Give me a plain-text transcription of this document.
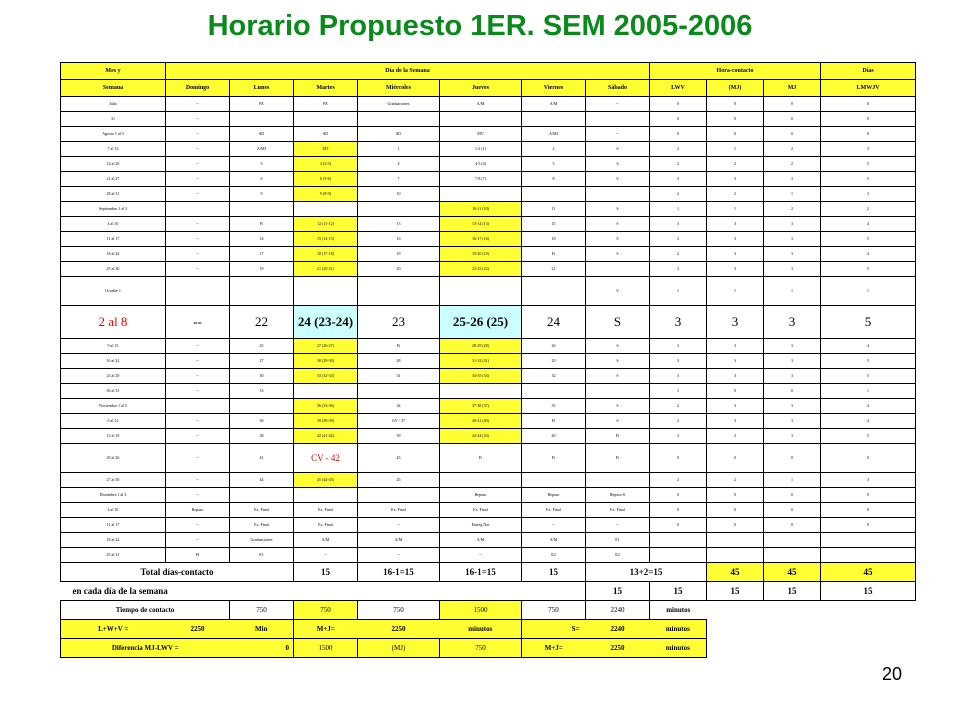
Horario Propuesto 1ER. SEM 2005-2006
Mes y	Día de la Semana							Hora-contacto			Días	
Semana	Domingo	Lunes	Martes	Miércoles	Jueves	Viernes	Sábado	LWV	(MJ)	MJ	LMWJV	
Julio	--	PE	PE	Graduaciones	A/M	A/M	--	0	0	0	0	
31	--							0	0	0	0	
Agosto 1 al 3	--	SD	SD	SD	MV	A/MI	--	0	0	0	0	
7 al 13	--	A/MI	MT	1	1-2 (1)	2	S	2	1	2	3	
14 al 20	--	3	3 (2-3)	4	4-5 (4)	5	S	2	2	2	5	
21 al 27	--	6	6 (5-6)	7	7-8 (7)	8	S	3	3	3	5	
28 al 31	--	9	9 (8-9)	10				2	2	1	3	
Septiembre 1 al 3					10-11 (10)	11	S	1	1	2	2	
4 al 10	--	Fi	12 (11-12)	13	13-14 (13)	15	S	3	3	3	4	
11 al 17	--	14	15 (14-15)	16	16-17 (16)	18	S	3	3	3	5	
18 al 24	--	17	18 (17-18)	19	19-20 (19)	Fi	S	2	3	3	4	
25 al 30	--	19	21 (20-21)	20	22-23 (22)	21		3	3	3	5	
Octubre 1							S	1	1	1	1	
2 al 8	--	22	24 (23-24)	23	25-26 (25)	24	S	3	3	3	5	
9 al 15	--	25	27 (26-27)	Fi	28-29 (28)	26	S	3	3	3	4	
16 al 22	--	27	30 (29-30)	28	31-32 (31)	29	S	3	3	3	5	
23 al 29	--	30	33 (32-33)	31	34-35 (34)	32	S	3	3	3	5	
30 al 31	--	33						1	0	0	1	
Noviembre 1 al 5			36 (33-36)	34	37-38 (37)	35	S	2	3	3	4	
6 al 12	--	36	39 (38-39)	GV - 37	40-41 (40)	Fi	S	2	3	3	4	
13 al 19	--	38	42 (41-42)	39	43-44 (43)	40	Fi	3	3	3	5	
20 al 26	--	41	CV - 42	43	Fi	Fi	Fi	0	0	0	0	
27 al 30	--	44	45 (44-45)	45				2	2	1	3	
Diciembre 1 al 3	--				Repaso	Repaso	Repaso-S	0	0	0	0	
4 al 10	Repaso	Ex. Final	Ex. Final	Ex. Final	Ex. Final	Ex. Final	Ex. Final	0	0	0	0	
11 al 17	--	Ex. Final	Ex. Final	--	Entreg.Not	--	--	0	0	0	0	
18 al 24	--	Graduaciones	A/M	A/M	A/M	A/M	E1					
25 al 31	FI	E1	--	--	--	E2	E2					
Total días-contacto			15	16-1=15	16-1=15	15	13+2=15		45	45	45	
en cada día de la semana							15	15	15	15	15	
Tiempo de contacto		750	750	750	1500	750	2240	minutos				
L+W+V =	2250	Min	M+J=	2250	minutos	S=	2240	minutos				
Diferencia MJ-LWV =		0	1500	(MJ)	750	M+J=	2250	minutos				
20
